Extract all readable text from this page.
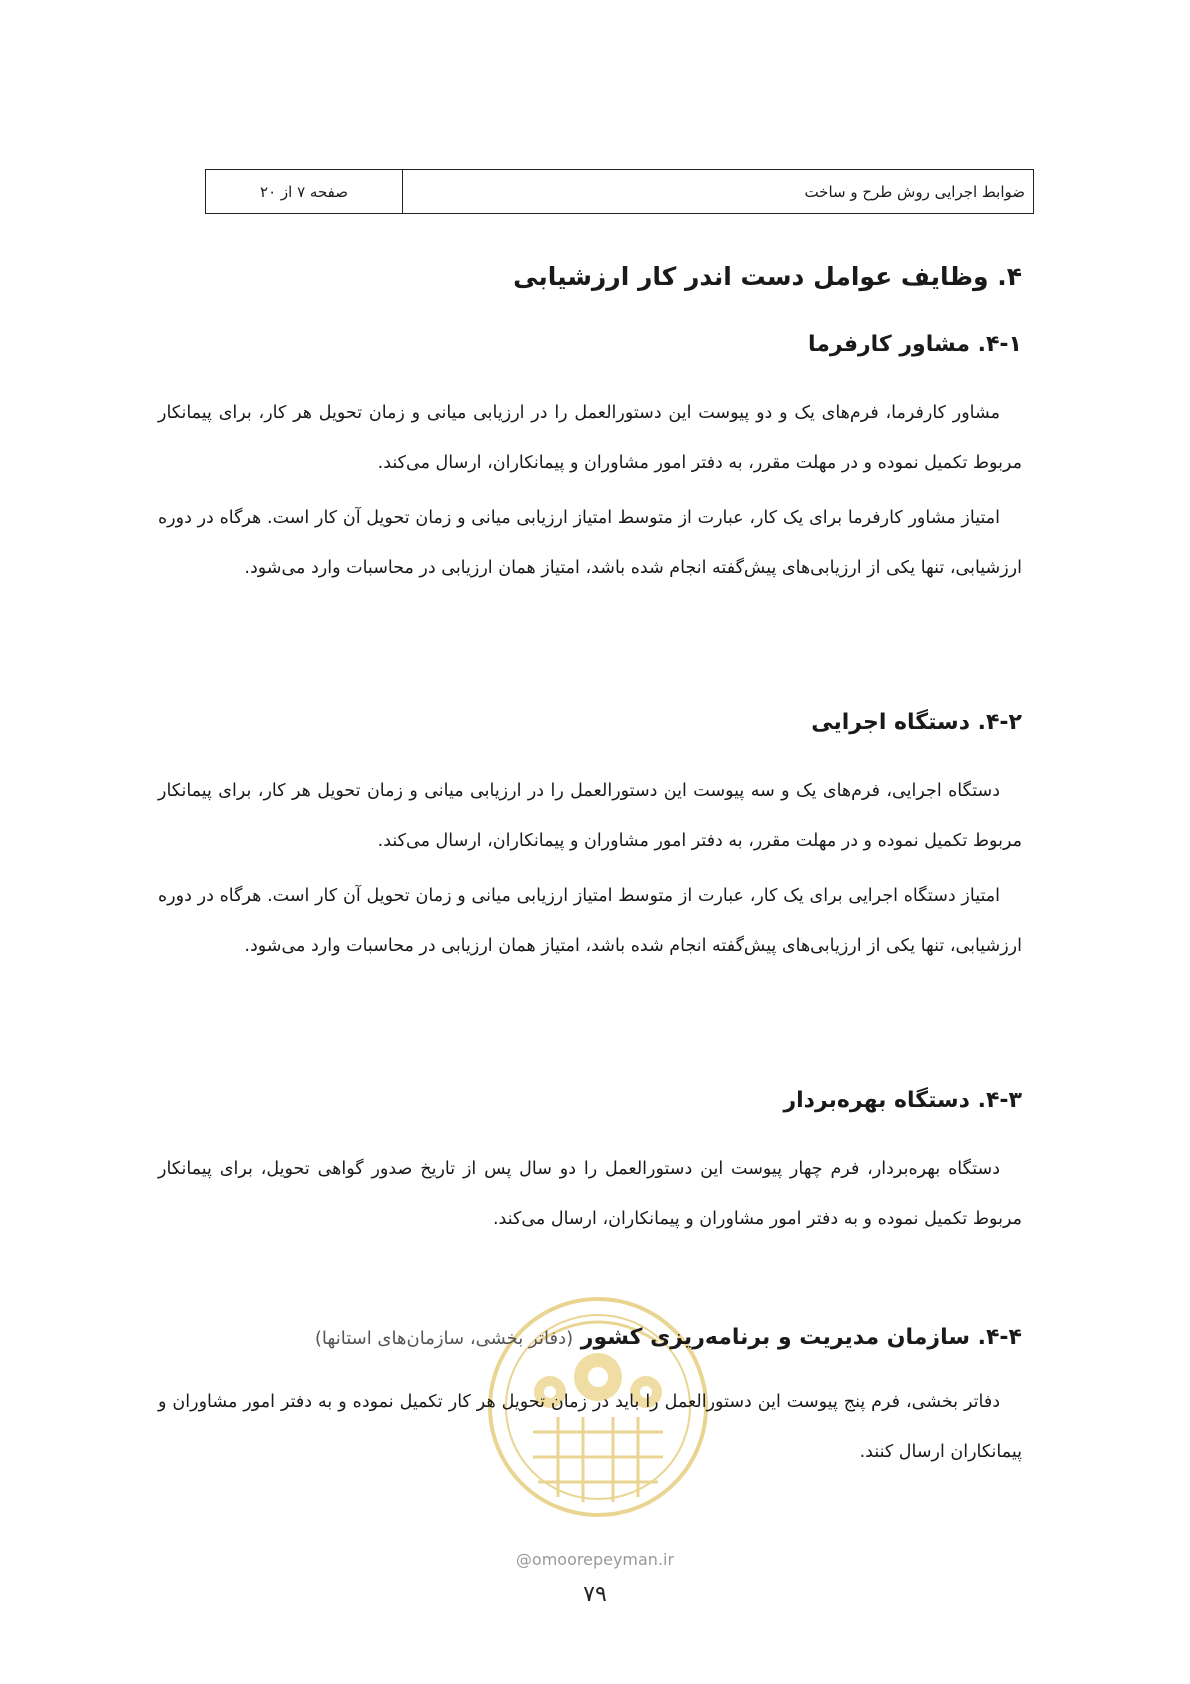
ضوابط اجرایی روش طرح و ساخت
صفحه ۷ از ۲۰
۴. وظایف عوامل دست اندر کار ارزشیابی
۴-۱. مشاور کارفرما

مشاور کارفرما، فرم‌های یک و دو پیوست این دستورالعمل را در ارزیابی میانی و زمان تحویل هر کار، برای پیمانکار مربوط تکمیل نموده و در مهلت مقرر، به دفتر امور مشاوران و پیمانکاران، ارسال می‌کند.

امتیاز مشاور کارفرما برای یک کار، عبارت از متوسط امتیاز ارزیابی میانی و زمان تحویل آن کار است. هرگاه در دوره ارزشیابی، تنها یکی از ارزیابی‌های پیش‌گفته انجام شده باشد، امتیاز همان ارزیابی در محاسبات وارد می‌شود.

۴-۲. دستگاه اجرایی

دستگاه اجرایی، فرم‌های یک و سه پیوست این دستورالعمل را در ارزیابی میانی و زمان تحویل هر کار، برای پیمانکار مربوط تکمیل نموده و در مهلت مقرر، به دفتر امور مشاوران و پیمانکاران، ارسال می‌کند.

امتیاز دستگاه اجرایی برای یک کار، عبارت از متوسط امتیاز ارزیابی میانی و زمان تحویل آن کار است. هرگاه در دوره ارزشیابی، تنها یکی از ارزیابی‌های پیش‌گفته انجام شده باشد، امتیاز همان ارزیابی در محاسبات وارد می‌شود.

۴-۳. دستگاه بهره‌بردار

دستگاه بهره‌بردار، فرم چهار پیوست این دستورالعمل را دو سال پس از تاریخ صدور گواهی تحویل، برای پیمانکار مربوط تکمیل نموده و به دفتر امور مشاوران و پیمانکاران، ارسال می‌کند.

۴-۴. سازمان مدیریت و برنامه‌ریزی کشور (دفاتر بخشی، سازمان‌های استانها)

دفاتر بخشی، فرم پنج پیوست این دستورالعمل را باید در زمان تحویل هر کار تکمیل نموده و به دفتر امور مشاوران و پیمانکاران ارسال کنند.

@omoorepeyman.ir
۷۹
